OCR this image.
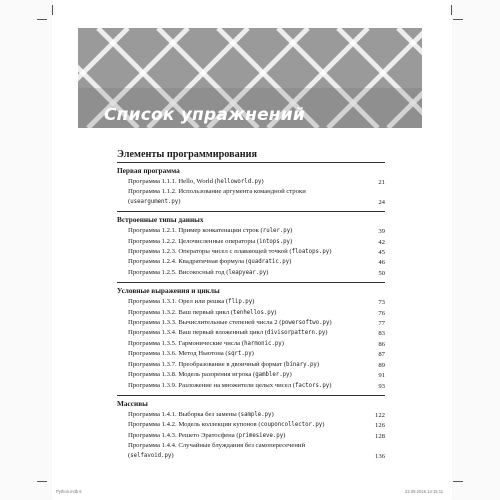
Список упражнений
Элементы программирования
Первая программа
Программа 1.1.1. Hello, World (helloworld.py)	21
Программа 1.1.2. Использование аргумента командной строки
(useargument.py)	24
Встроенные типы данных
Программа 1.2.1. Пример конкатенации строк (ruler.py)	39
Программа 1.2.2. Целочисленные операторы (intops.py)	42
Программа 1.2.3. Операторы чисел с плавающей точкой (floatops.py)	45
Программа 1.2.4. Квадратичная формула (quadratic.py)	46
Программа 1.2.5. Високосный год (leapyear.py)	50
Условные выражения и циклы
Программа 1.3.1. Орел или решка (flip.py)	73
Программа 1.3.2. Ваш первый цикл (tenhellos.py)	76
Программа 1.3.3. Вычислительные степеней числа 2 (powersoftwo.py)	77
Программа 1.3.4. Ваш первый вложенный цикл (divisorpattern.py)	83
Программа 1.3.5. Гармонические числа (harmonic.py)	86
Программа 1.3.6. Метод Ньютона (sqrt.py)	87
Программа 1.3.7. Преобразование в двоичный формат (binary.py)	89
Программа 1.3.8. Модель разорения игрока (gambler.py)	91
Программа 1.3.9. Разложение на множители целых чисел (factors.py)	93
Массивы
Программа 1.4.1. Выборка без замены (sample.py)	122
Программа 1.4.2. Модель коллекции купонов (couponcollector.py)	126
Программа 1.4.3. Решето Эратосфена (primesieve.py)	128
Программа 1.4.4. Случайные блуждания без самопересечений
(selfavoid.py)	136
Python.indb 6	22.09.2016 14:15:11
